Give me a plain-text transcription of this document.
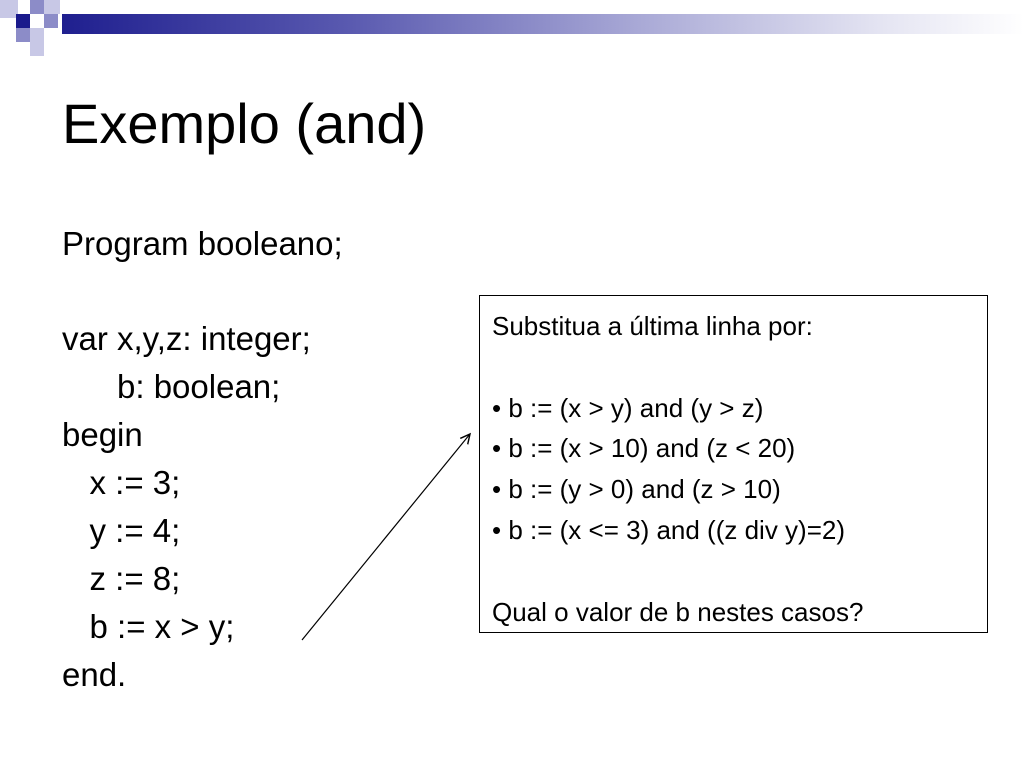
Exemplo (and)
Program booleano;
var x,y,z: integer;
b: boolean;
begin
x := 3;
y := 4;
z := 8;
b := x > y;
end.
Substitua a última linha por:
• b := (x > y) and (y > z)
• b := (x > 10) and (z < 20)
• b := (y > 0) and (z > 10)
• b := (x <= 3) and ((z div y)=2)
Qual o valor de b nestes casos?
